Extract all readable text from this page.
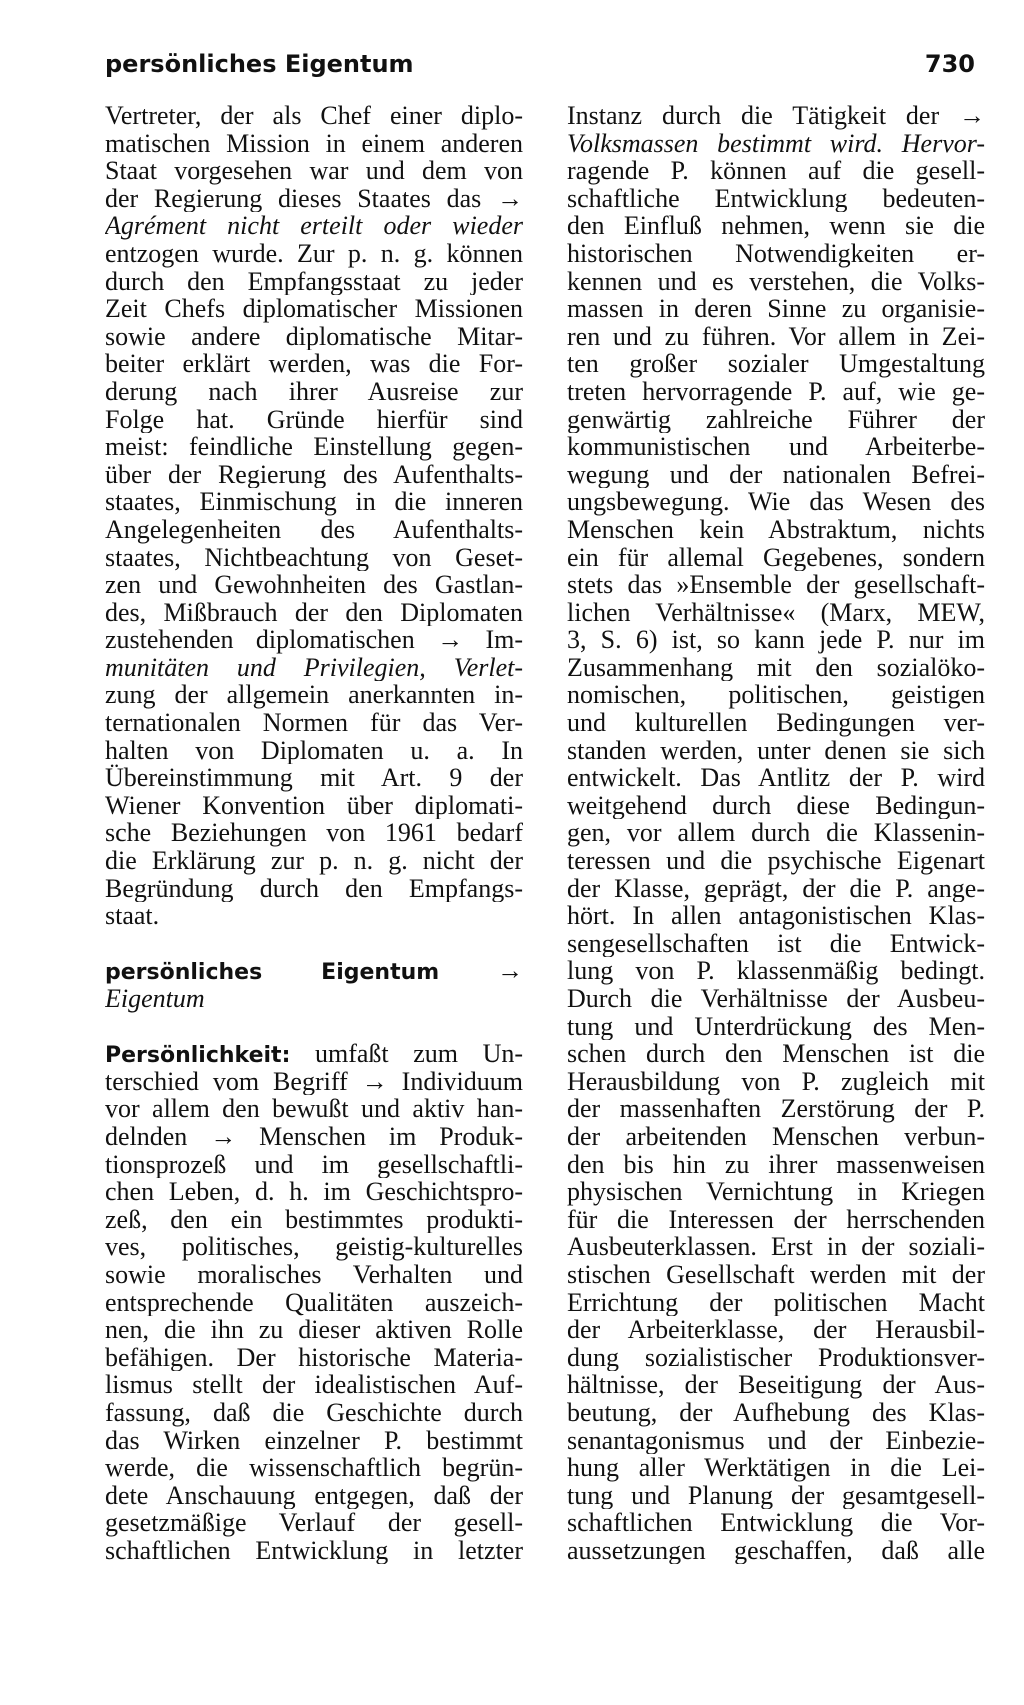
persönliches Eigentum	730
Vertreter, der als Chef einer diplo-
matischen Mission in einem anderen
Staat vorgesehen war und dem von
der Regierung dieses Staates das →
Agrément nicht erteilt oder wieder
entzogen wurde. Zur p. n. g. können
durch den Empfangsstaat zu jeder
Zeit Chefs diplomatischer Missionen
sowie andere diplomatische Mitar-
beiter erklärt werden, was die For-
derung nach ihrer Ausreise zur
Folge hat. Gründe hierfür sind
meist: feindliche Einstellung gegen-
über der Regierung des Aufenthalts-
staates, Einmischung in die inneren
Angelegenheiten des Aufenthalts-
staates, Nichtbeachtung von Geset-
zen und Gewohnheiten des Gastlan-
des, Mißbrauch der den Diplomaten
zustehenden diplomatischen → Im-
munitäten und Privilegien, Verlet-
zung der allgemein anerkannten in-
ternationalen Normen für das Ver-
halten von Diplomaten u. a. In
Übereinstimmung mit Art. 9 der
Wiener Konvention über diplomati-
sche Beziehungen von 1961 bedarf
die Erklärung zur p. n. g. nicht der
Begründung durch den Empfangs-
staat.
persönliches Eigentum →
Eigentum
Persönlichkeit: umfaßt zum Un-
terschied vom Begriff → Individuum
vor allem den bewußt und aktiv han-
delnden → Menschen im Produk-
tionsprozeß und im gesellschaftli-
chen Leben, d. h. im Geschichtspro-
zeß, den ein bestimmtes produkti-
ves, politisches, geistig-kulturelles
sowie moralisches Verhalten und
entsprechende Qualitäten auszeich-
nen, die ihn zu dieser aktiven Rolle
befähigen. Der historische Materia-
lismus stellt der idealistischen Auf-
fassung, daß die Geschichte durch
das Wirken einzelner P. bestimmt
werde, die wissenschaftlich begrün-
dete Anschauung entgegen, daß der
gesetzmäßige Verlauf der gesell-
schaftlichen Entwicklung in letzter
Instanz durch die Tätigkeit der →
Volksmassen bestimmt wird. Hervor-
ragende P. können auf die gesell-
schaftliche Entwicklung bedeuten-
den Einfluß nehmen, wenn sie die
historischen Notwendigkeiten er-
kennen und es verstehen, die Volks-
massen in deren Sinne zu organisie-
ren und zu führen. Vor allem in Zei-
ten großer sozialer Umgestaltung
treten hervorragende P. auf, wie ge-
genwärtig zahlreiche Führer der
kommunistischen und Arbeiterbe-
wegung und der nationalen Befrei-
ungsbewegung. Wie das Wesen des
Menschen kein Abstraktum, nichts
ein für allemal Gegebenes, sondern
stets das »Ensemble der gesellschaft-
lichen Verhältnisse« (Marx, MEW,
3, S. 6) ist, so kann jede P. nur im
Zusammenhang mit den sozialöko-
nomischen, politischen, geistigen
und kulturellen Bedingungen ver-
standen werden, unter denen sie sich
entwickelt. Das Antlitz der P. wird
weitgehend durch diese Bedingun-
gen, vor allem durch die Klassenin-
teressen und die psychische Eigenart
der Klasse, geprägt, der die P. ange-
hört. In allen antagonistischen Klas-
sengesellschaften ist die Entwick-
lung von P. klassenmäßig bedingt.
Durch die Verhältnisse der Ausbeu-
tung und Unterdrückung des Men-
schen durch den Menschen ist die
Herausbildung von P. zugleich mit
der massenhaften Zerstörung der P.
der arbeitenden Menschen verbun-
den bis hin zu ihrer massenweisen
physischen Vernichtung in Kriegen
für die Interessen der herrschenden
Ausbeuterklassen. Erst in der soziali-
stischen Gesellschaft werden mit der
Errichtung der politischen Macht
der Arbeiterklasse, der Herausbil-
dung sozialistischer Produktionsver-
hältnisse, der Beseitigung der Aus-
beutung, der Aufhebung des Klas-
senantagonismus und der Einbezie-
hung aller Werktätigen in die Lei-
tung und Planung der gesamtgesell-
schaftlichen Entwicklung die Vor-
aussetzungen geschaffen, daß alle
